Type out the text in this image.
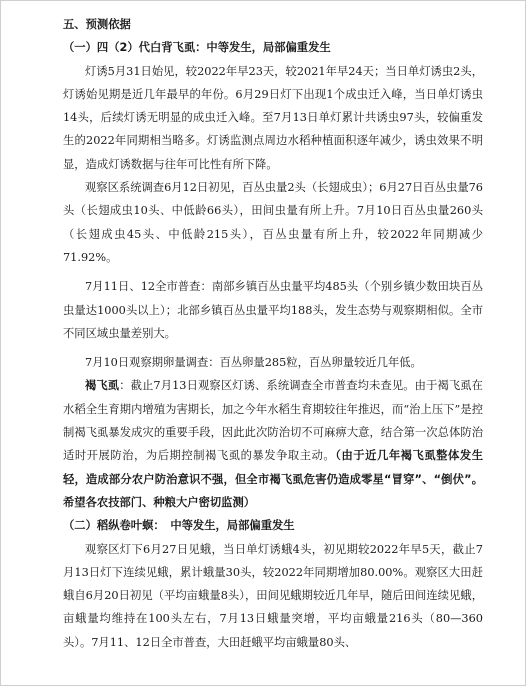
五、预测依据

（一）四（2）代白背飞虱：中等发生，局部偏重发生

灯诱5月31日始见，较2022年早23天，较2021年早24天；当日单灯诱虫2头，灯诱始见期是近几年最早的年份。6月29日灯下出现1个成虫迁入峰，当日单灯诱虫14头，后续灯诱无明显的成虫迁入峰。至7月13日单灯累计共诱虫97头，较偏重发生的2022年同期相当略多。灯诱监测点周边水稻种植面积逐年减少，诱虫效果不明显，造成灯诱数据与往年可比性有所下降。

观察区系统调查6月12日初见，百丛虫量2头（长翅成虫）；6月27日百丛虫量76头（长翅成虫10头、中低龄66头），田间虫量有所上升。7月10日百丛虫量260头（长翅成虫45头、中低龄215头），百丛虫量有所上升，较2022年同期减少71.92%。

7月11日、12全市普查：南部乡镇百丛虫量平均485头（个别乡镇少数田块百丛虫量达1000头以上）；北部乡镇百丛虫量平均188头，发生态势与观察期相似。全市不同区域虫量差别大。

7月10日观察期卵量调查：百丛卵量285粒，百丛卵量较近几年低。

褐飞虱：截止7月13日观察区灯诱、系统调查全市普查均未查见。由于褐飞虱在水稻全生育期内增殖为害期长，加之今年水稻生育期较往年推迟，而“治上压下”是控制褐飞虱暴发成灾的重要手段，因此此次防治切不可麻痹大意，结合第一次总体防治适时开展防治，为后期控制褐飞虱的暴发争取主动。（由于近几年褐飞虱整体发生轻，造成部分农户防治意识不强，但全市褐飞虱危害仍造成零星“冒穿”、“倒伏”。希望各农技部门、种粮大户密切监测）

（二）稻纵卷叶螟：　中等发生，局部偏重发生

观察区灯下6月27日见蛾，当日单灯诱蛾4头，初见期较2022年早5天，截止7月13日灯下连续见蛾，累计蛾量30头，较2022年同期增加80.00%。观察区大田赶蛾自6月20日初见（平均亩蛾量8头），田间见蛾期较近几年早，随后田间连续见蛾，亩蛾量均维持在100头左右，7月13日蛾量突增，平均亩蛾量216头（80—360头）。7月11、12日全市普查，大田赶蛾平均亩蛾量80头、
